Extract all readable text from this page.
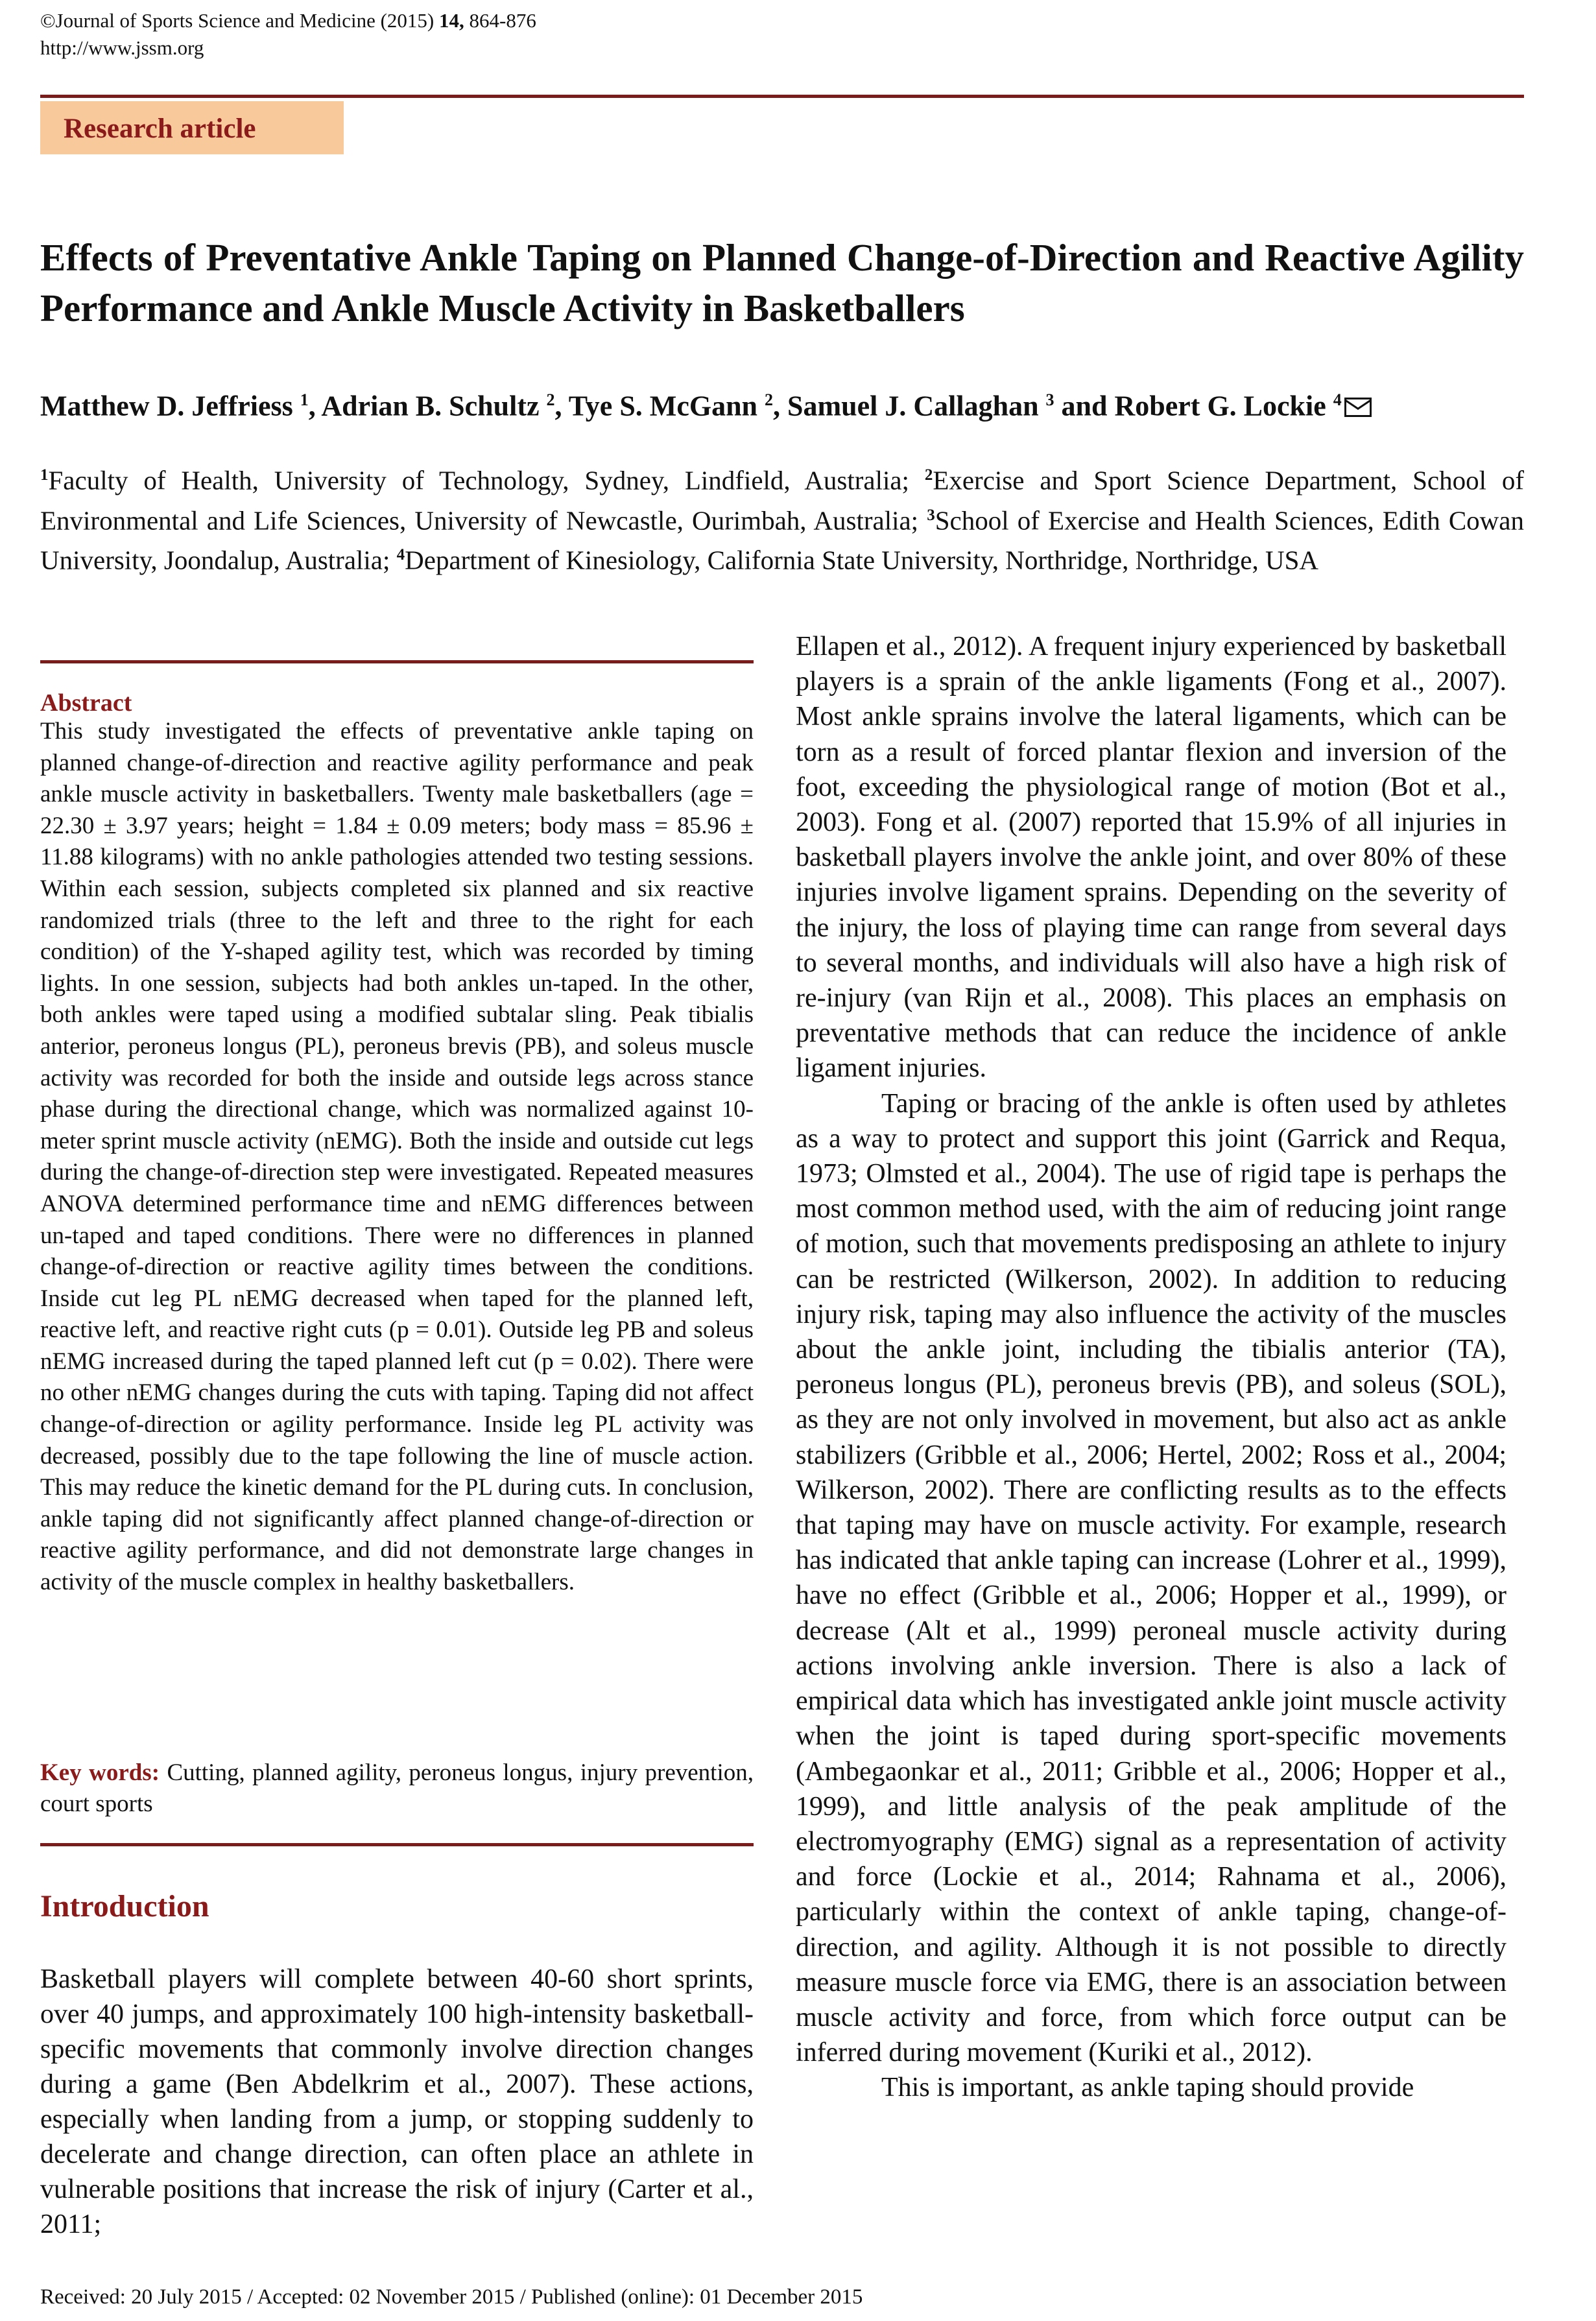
©Journal of Sports Science and Medicine (2015) 14, 864-876
http://www.jssm.org
Research article
Effects of Preventative Ankle Taping on Planned Change-of-Direction and Reactive Agility Performance and Ankle Muscle Activity in Basketballers
Matthew D. Jeffriess $^1$, Adrian B. Schultz $^2$, Tye S. McGann $^2$, Samuel J. Callaghan $^3$ and Robert G. Lockie $^4$
$^1$Faculty of Health, University of Technology, Sydney, Lindfield, Australia; $^2$Exercise and Sport Science Department, School of Environmental and Life Sciences, University of Newcastle, Ourimbah, Australia; $^3$School of Exercise and Health Sciences, Edith Cowan University, Joondalup, Australia; $^4$Department of Kinesiology, California State University, Northridge, Northridge, USA
Abstract
This study investigated the effects of preventative ankle taping on planned change-of-direction and reactive agility performance and peak ankle muscle activity in basketballers. Twenty male basketballers (age = 22.30 ± 3.97 years; height = 1.84 ± 0.09 meters; body mass = 85.96 ± 11.88 kilograms) with no ankle pathologies attended two testing sessions. Within each session, subjects completed six planned and six reactive randomized trials (three to the left and three to the right for each condition) of the Y-shaped agility test, which was recorded by timing lights. In one session, subjects had both ankles un-taped. In the other, both ankles were taped using a modified subtalar sling. Peak tibialis anterior, peroneus longus (PL), peroneus brevis (PB), and soleus muscle activity was recorded for both the inside and outside legs across stance phase during the directional change, which was normalized against 10-meter sprint muscle activity (nEMG). Both the inside and outside cut legs during the change-of-direction step were investigated. Repeated measures ANOVA determined performance time and nEMG differences between un-taped and taped conditions. There were no differences in planned change-of-direction or reactive agility times between the conditions. Inside cut leg PL nEMG decreased when taped for the planned left, reactive left, and reactive right cuts (p = 0.01). Outside leg PB and soleus nEMG increased during the taped planned left cut (p = 0.02). There were no other nEMG changes during the cuts with taping. Taping did not affect change-of-direction or agility performance. Inside leg PL activity was decreased, possibly due to the tape following the line of muscle action. This may reduce the kinetic demand for the PL during cuts. In conclusion, ankle taping did not significantly affect planned change-of-direction or reactive agility performance, and did not demonstrate large changes in activity of the muscle complex in healthy basketballers.
Key words: Cutting, planned agility, peroneus longus, injury prevention, court sports
Introduction
Basketball players will complete between 40-60 short sprints, over 40 jumps, and approximately 100 high-intensity basketball-specific movements that commonly involve direction changes during a game (Ben Abdelkrim et al., 2007). These actions, especially when landing from a jump, or stopping suddenly to decelerate and change direction, can often place an athlete in vulnerable positions that increase the risk of injury (Carter et al., 2011;

Ellapen et al., 2012). A frequent injury experienced by basketball players is a sprain of the ankle ligaments (Fong et al., 2007). Most ankle sprains involve the lateral ligaments, which can be torn as a result of forced plantar flexion and inversion of the foot, exceeding the physiological range of motion (Bot et al., 2003). Fong et al. (2007) reported that 15.9% of all injuries in basketball players involve the ankle joint, and over 80% of these injuries involve ligament sprains. Depending on the severity of the injury, the loss of playing time can range from several days to several months, and individuals will also have a high risk of re-injury (van Rijn et al., 2008). This places an emphasis on preventative methods that can reduce the incidence of ankle ligament injuries.

Taping or bracing of the ankle is often used by athletes as a way to protect and support this joint (Garrick and Requa, 1973; Olmsted et al., 2004). The use of rigid tape is perhaps the most common method used, with the aim of reducing joint range of motion, such that movements predisposing an athlete to injury can be restricted (Wilkerson, 2002). In addition to reducing injury risk, taping may also influence the activity of the muscles about the ankle joint, including the tibialis anterior (TA), peroneus longus (PL), peroneus brevis (PB), and soleus (SOL), as they are not only involved in movement, but also act as ankle stabilizers (Gribble et al., 2006; Hertel, 2002; Ross et al., 2004; Wilkerson, 2002). There are conflicting results as to the effects that taping may have on muscle activity. For example, research has indicated that ankle taping can increase (Lohrer et al., 1999), have no effect (Gribble et al., 2006; Hopper et al., 1999), or decrease (Alt et al., 1999) peroneal muscle activity during actions involving ankle inversion. There is also a lack of empirical data which has investigated ankle joint muscle activity when the joint is taped during sport-specific movements (Ambegaonkar et al., 2011; Gribble et al., 2006; Hopper et al., 1999), and little analysis of the peak amplitude of the electromyography (EMG) signal as a representation of activity and force (Lockie et al., 2014; Rahnama et al., 2006), particularly within the context of ankle taping, change-of-direction, and agility. Although it is not possible to directly measure muscle force via EMG, there is an association between muscle activity and force, from which force output can be inferred during movement (Kuriki et al., 2012).

This is important, as ankle taping should provide

Received: 20 July 2015 / Accepted: 02 November 2015 / Published (online): 01 December 2015
